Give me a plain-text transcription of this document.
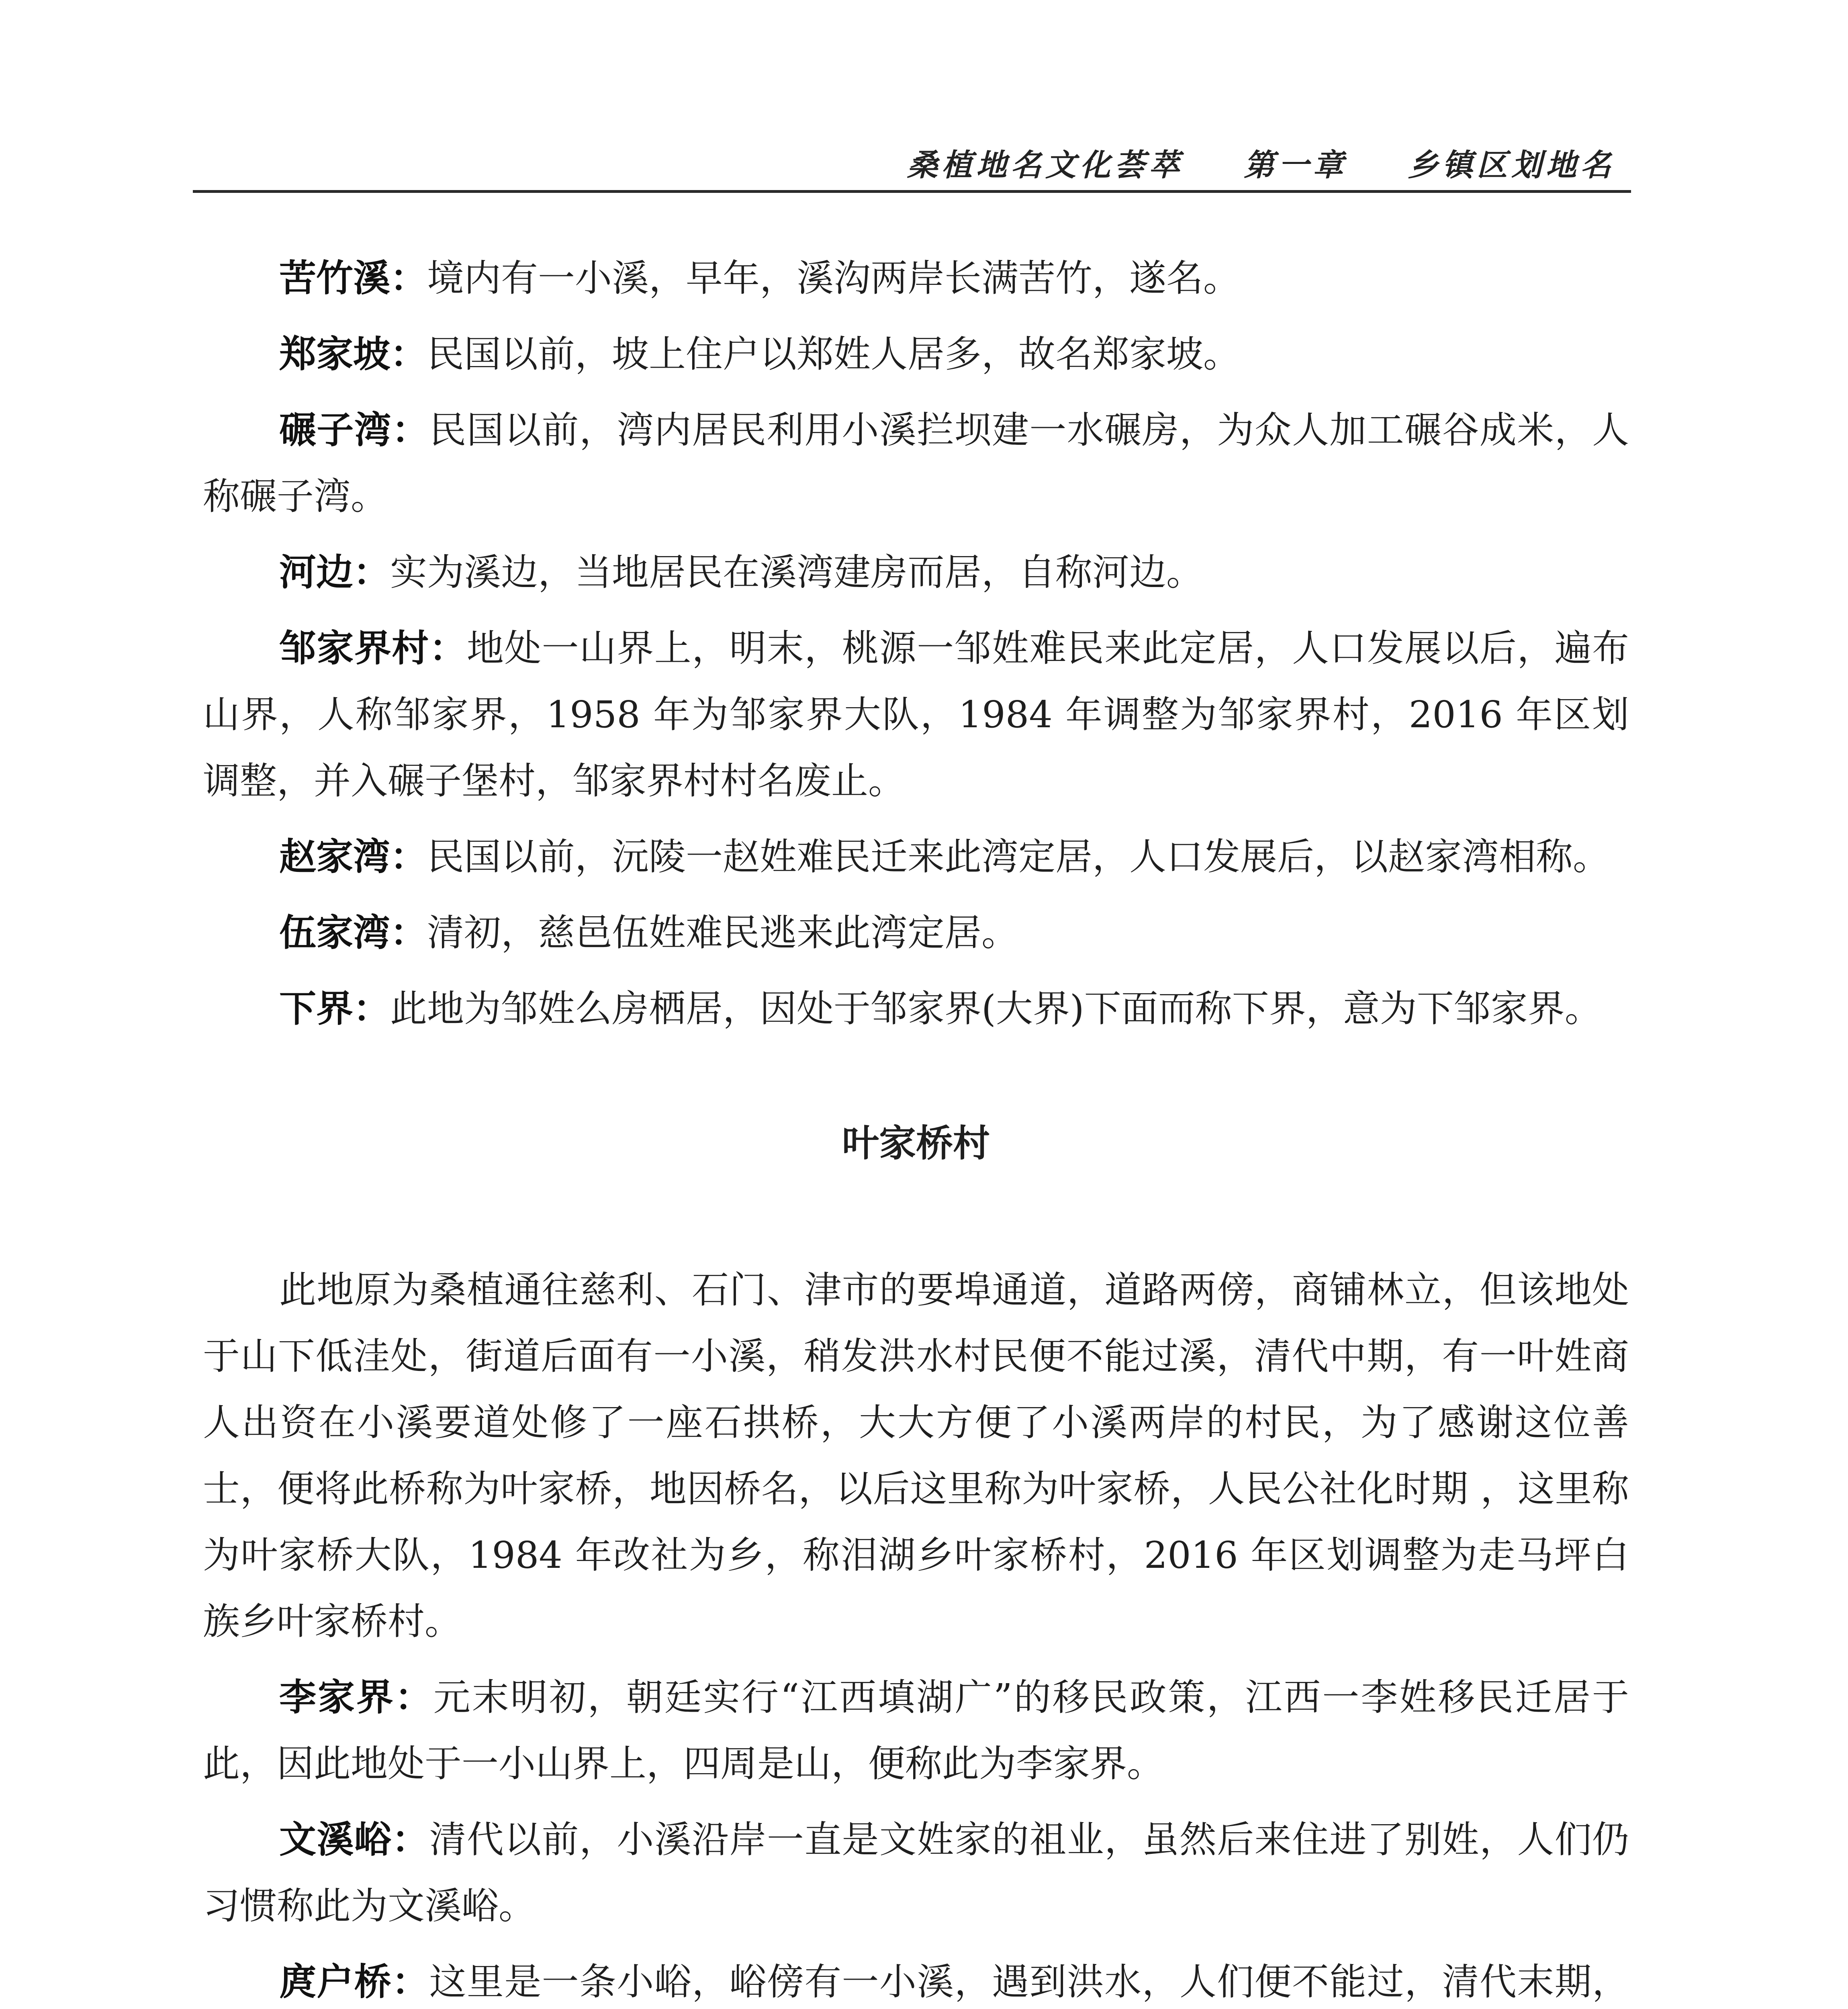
桑植地名文化荟萃 第一章 乡镇区划地名

苦竹溪：境内有一小溪，早年，溪沟两岸长满苦竹，遂名。

郑家坡：民国以前，坡上住户以郑姓人居多，故名郑家坡。

碾子湾：民国以前，湾内居民利用小溪拦坝建一水碾房，为众人加工碾谷成米，人称碾子湾。

河边：实为溪边，当地居民在溪湾建房而居，自称河边。

邹家界村：地处一山界上，明末，桃源一邹姓难民来此定居，人口发展以后，遍布山界，人称邹家界，1958 年为邹家界大队，1984 年调整为邹家界村，2016 年区划调整，并入碾子堡村，邹家界村村名废止。

赵家湾：民国以前，沅陵一赵姓难民迁来此湾定居，人口发展后，以赵家湾相称。

伍家湾：清初，慈邑伍姓难民逃来此湾定居。

下界：此地为邹姓么房栖居，因处于邹家界(大界)下面而称下界，意为下邹家界。

叶家桥村

此地原为桑植通往慈利、石门、津市的要埠通道，道路两傍，商铺林立，但该地处于山下低洼处，街道后面有一小溪，稍发洪水村民便不能过溪，清代中期，有一叶姓商人出资在小溪要道处修了一座石拱桥，大大方便了小溪两岸的村民，为了感谢这位善士，便将此桥称为叶家桥，地因桥名，以后这里称为叶家桥，人民公社化时期 ，这里称为叶家桥大队，1984 年改社为乡，称泪湖乡叶家桥村，2016 年区划调整为走马坪白族乡叶家桥村。

李家界：元末明初，朝廷实行“江西填湖广”的移民政策，江西一李姓移民迁居于此，因此地处于一小山界上，四周是山，便称此为李家界。

文溪峪：清代以前，小溪沿岸一直是文姓家的祖业，虽然后来住进了别姓，人们仍习惯称此为文溪峪。

庹户桥：这里是一条小峪，峪傍有一小溪，遇到洪水，人们便不能过，清代末期，
